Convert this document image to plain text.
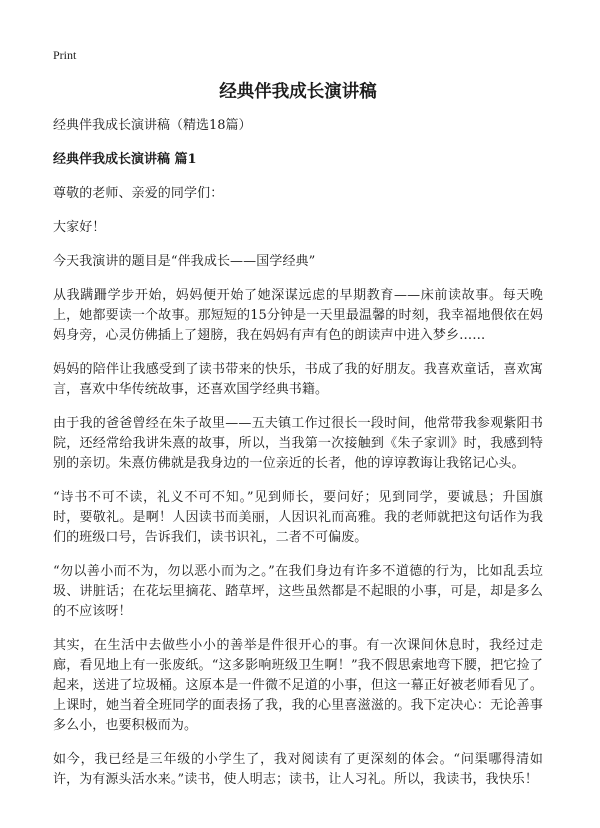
Print
经典伴我成长演讲稿
经典伴我成长演讲稿（精选18篇）
经典伴我成长演讲稿 篇1

尊敬的老师、亲爱的同学们：

大家好！

今天我演讲的题目是“伴我成长——国学经典”

从我蹒跚学步开始，妈妈便开始了她深谋远虑的早期教育——床前读故事。每天晚上，她都要读一个故事。那短短的15分钟是一天里最温馨的时刻，我幸福地偎依在妈妈身旁，心灵仿佛插上了翅膀，我在妈妈有声有色的朗读声中进入梦乡……

妈妈的陪伴让我感受到了读书带来的快乐，书成了我的好朋友。我喜欢童话，喜欢寓言，喜欢中华传统故事，还喜欢国学经典书籍。

由于我的爸爸曾经在朱子故里——五夫镇工作过很长一段时间，他常带我参观紫阳书院，还经常给我讲朱熹的故事，所以，当我第一次接触到《朱子家训》时，我感到特别的亲切。朱熹仿佛就是我身边的一位亲近的长者，他的谆谆教诲让我铭记心头。

“诗书不可不读，礼义不可不知。”见到师长，要问好；见到同学，要诚恳；升国旗时，要敬礼。是啊！人因读书而美丽，人因识礼而高雅。我的老师就把这句话作为我们的班级口号，告诉我们，读书识礼，二者不可偏废。

“勿以善小而不为，勿以恶小而为之。”在我们身边有许多不道德的行为，比如乱丢垃圾、讲脏话；在花坛里摘花、踏草坪，这些虽然都是不起眼的小事，可是，却是多么的不应该呀！

其实，在生活中去做些小小的善举是件很开心的事。有一次课间休息时，我经过走廊，看见地上有一张废纸。“这多影响班级卫生啊！”我不假思索地弯下腰，把它捡了起来，送进了垃圾桶。这原本是一件微不足道的小事，但这一幕正好被老师看见了。上课时，她当着全班同学的面表扬了我，我的心里喜滋滋的。我下定决心：无论善事多么小，也要积极而为。

如今，我已经是三年级的小学生了，我对阅读有了更深刻的体会。“问渠哪得清如许，为有源头活水来。”读书，使人明志；读书，让人习礼。所以，我读书，我快乐！
